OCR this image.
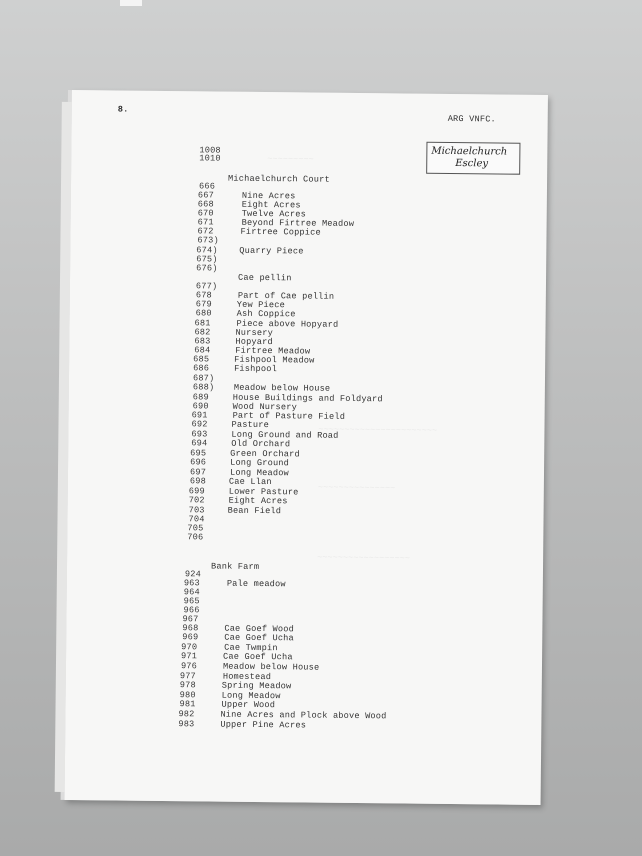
8.
ARG VNFC.
Michaelchurch
Escley
~~~~~~~~~
~~~~~~~~~~~~~~~~~~~~~~~
~~~~~~~~~~~~~~~
~~~~~~~~~~~~~~~~~~
1008
1010
Michaelchurch Court
666
667	Nine Acres
668	Eight Acres
670	Twelve Acres
671	Beyond Firtree Meadow
672	Firtree Coppice
673)
674) Quarry Piece
675)
676)
Cae pellin
677)
678	Part of Cae pellin
679	Yew Piece
680	Ash Coppice
681	Piece above Hopyard
682	Nursery
683	Hopyard
684	Firtree Meadow
685	Fishpool Meadow
686	Fishpool
687)
688) Meadow below House
689	House Buildings and Foldyard
690	Wood Nursery
691	Part of Pasture Field
692	Pasture
693	Long Ground and Road
694	Old Orchard
695	Green Orchard
696	Long Ground
697	Long Meadow
698	Cae Llan
699	Lower Pasture
702	Eight Acres
703	Bean Field
704
705
706
Bank Farm
924
963	Pale meadow
964
965
966
967
968	Cae Goef Wood
969	Cae Goef Ucha
970	Cae Twmpin
971	Cae Goef Ucha
976	Meadow below House
977	Homestead
978	Spring Meadow
980	Long Meadow
981	Upper Wood
982	Nine Acres and Plock above Wood
983	Upper Pine Acres
